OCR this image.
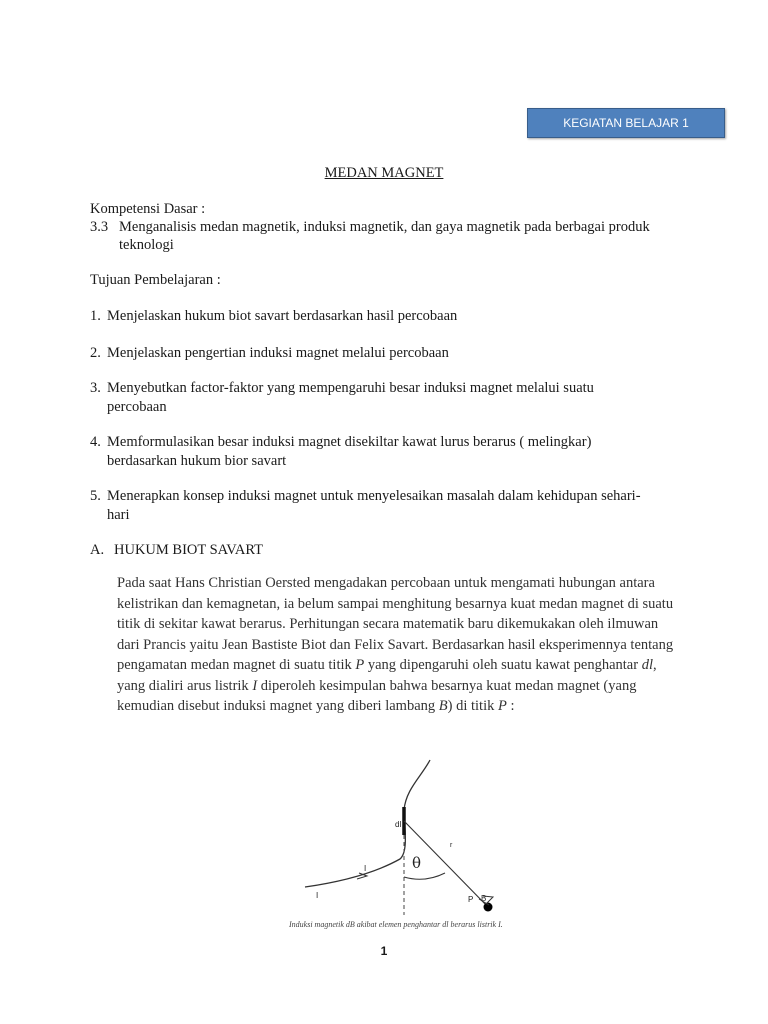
KEGIATAN BELAJAR 1
MEDAN MAGNET
Kompetensi Dasar :
3.3 Menganalisis medan magnetik, induksi magnetik, dan gaya magnetik pada berbagai produk
teknologi
Tujuan Pembelajaran :
1. Menjelaskan hukum biot savart berdasarkan hasil percobaan
2. Menjelaskan pengertian induksi magnet melalui percobaan
3. Menyebutkan factor-faktor yang mempengaruhi besar induksi magnet melalui suatu
percobaan
4. Memformulasikan besar induksi magnet disekiltar kawat lurus berarus ( melingkar)
berdasarkan hukum bior savart
5. Menerapkan konsep induksi magnet untuk menyelesaikan masalah dalam kehidupan sehari-
hari
A. HUKUM BIOT SAVART
Pada saat Hans Christian Oersted mengadakan percobaan untuk mengamati hubungan antara kelistrikan dan kemagnetan, ia belum sampai menghitung besarnya kuat medan magnet di suatu titik di sekitar kawat berarus. Perhitungan secara matematik baru dikemukakan oleh ilmuwan dari Prancis yaitu Jean Bastiste Biot dan Felix Savart. Berdasarkan hasil eksperimennya tentang pengamatan medan magnet di suatu titik P yang dipengaruhi oleh suatu kawat penghantar dl, yang dialiri arus listrik I diperoleh kesimpulan bahwa besarnya kuat medan magnet (yang kemudian disebut induksi magnet yang diberi lambang B) di titik P :
dl
r
θ
I
I
P B
Induksi magnetik dB akibat elemen penghantar dl berarus listrik I.
1
